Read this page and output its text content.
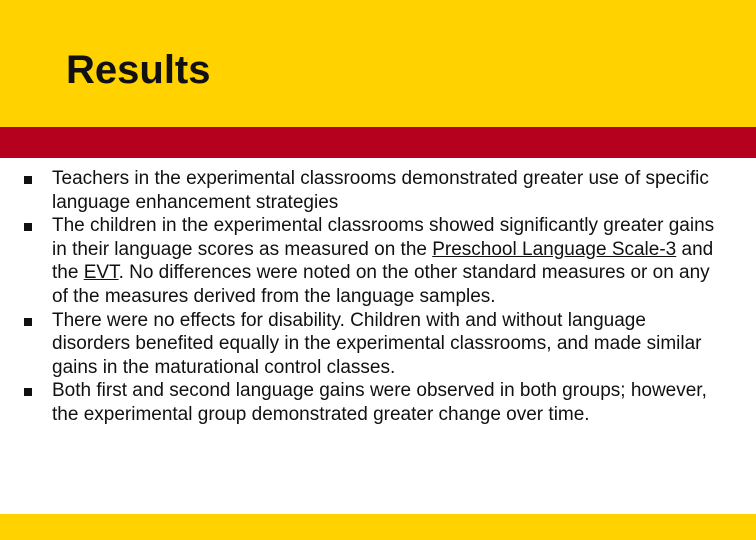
Results
Teachers in the experimental classrooms demonstrated greater use of specific language enhancement strategies
The children in the experimental classrooms showed significantly greater gains in their language scores as measured on the Preschool Language Scale-3 and the EVT. No differences were noted on the other standard measures or on any of the measures derived from the language samples.
There were no effects for disability. Children with and without language disorders benefited equally in the experimental classrooms, and made similar gains in the maturational control classes.
Both first and second language gains were observed in both groups; however, the experimental group demonstrated greater change over time.
